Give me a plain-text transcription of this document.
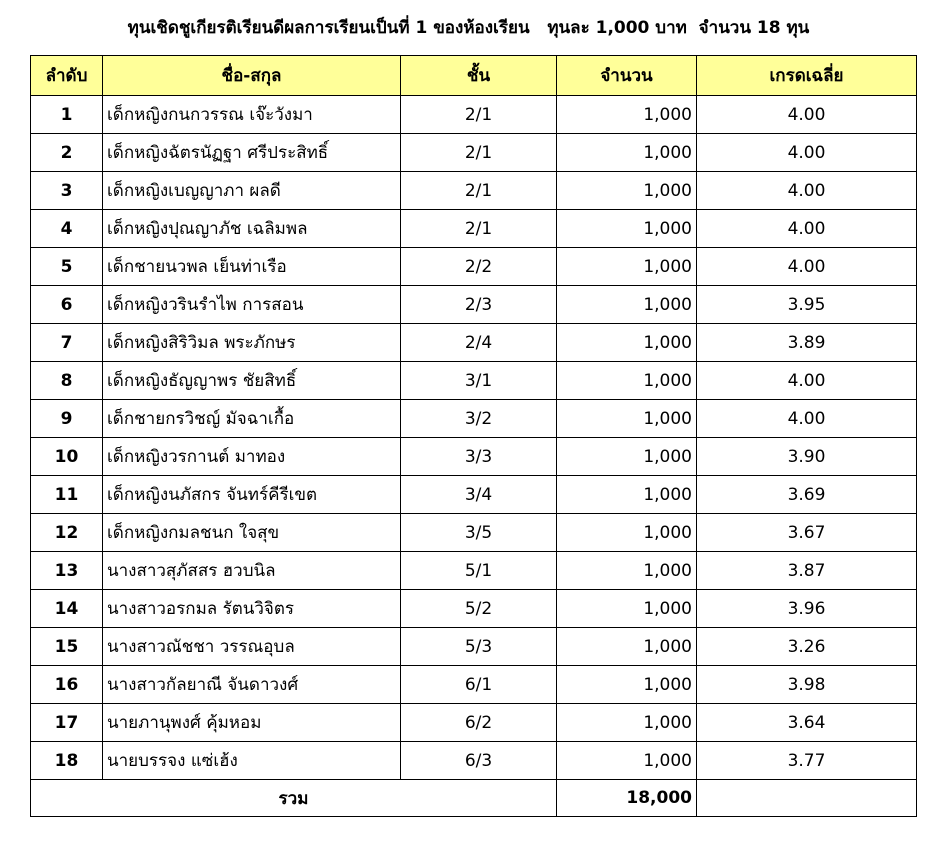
ทุนเชิดชูเกียรติเรียนดีผลการเรียนเป็นที่ 1 ของห้องเรียน   ทุนละ 1,000 บาท  จำนวน 18 ทุน
ลำดับ	ชื่อ-สกุล	ชั้น	จำนวน	เกรดเฉลี่ย
1	เด็กหญิงกนกวรรณ เจ๊ะวังมา	2/1	1,000	4.00
2	เด็กหญิงฉัตรนัฏฐา ศรีประสิทธิ์	2/1	1,000	4.00
3	เด็กหญิงเบญญาภา ผลดี	2/1	1,000	4.00
4	เด็กหญิงปุณญาภัช เฉลิมพล	2/1	1,000	4.00
5	เด็กชายนวพล เย็นท่าเรือ	2/2	1,000	4.00
6	เด็กหญิงวรินรำไพ การสอน	2/3	1,000	3.95
7	เด็กหญิงสิริวิมล พระภักษร	2/4	1,000	3.89
8	เด็กหญิงธัญญาพร ชัยสิทธิ์	3/1	1,000	4.00
9	เด็กชายกรวิชญ์ มัจฉาเกื้อ	3/2	1,000	4.00
10	เด็กหญิงวรกานต์ มาทอง	3/3	1,000	3.90
11	เด็กหญิงนภัสกร จันทร์คีรีเขต	3/4	1,000	3.69
12	เด็กหญิงกมลชนก ใจสุข	3/5	1,000	3.67
13	นางสาวสุภัสสร ฮวบนิล	5/1	1,000	3.87
14	นางสาวอรกมล รัตนวิจิตร	5/2	1,000	3.96
15	นางสาวณัชชา วรรณอุบล	5/3	1,000	3.26
16	นางสาวกัลยาณี จันดาวงศ์	6/1	1,000	3.98
17	นายภานุพงศ์ คุ้มหอม	6/2	1,000	3.64
18	นายบรรจง แซ่เฮ้ง	6/3	1,000	3.77
รวม			18,000	
